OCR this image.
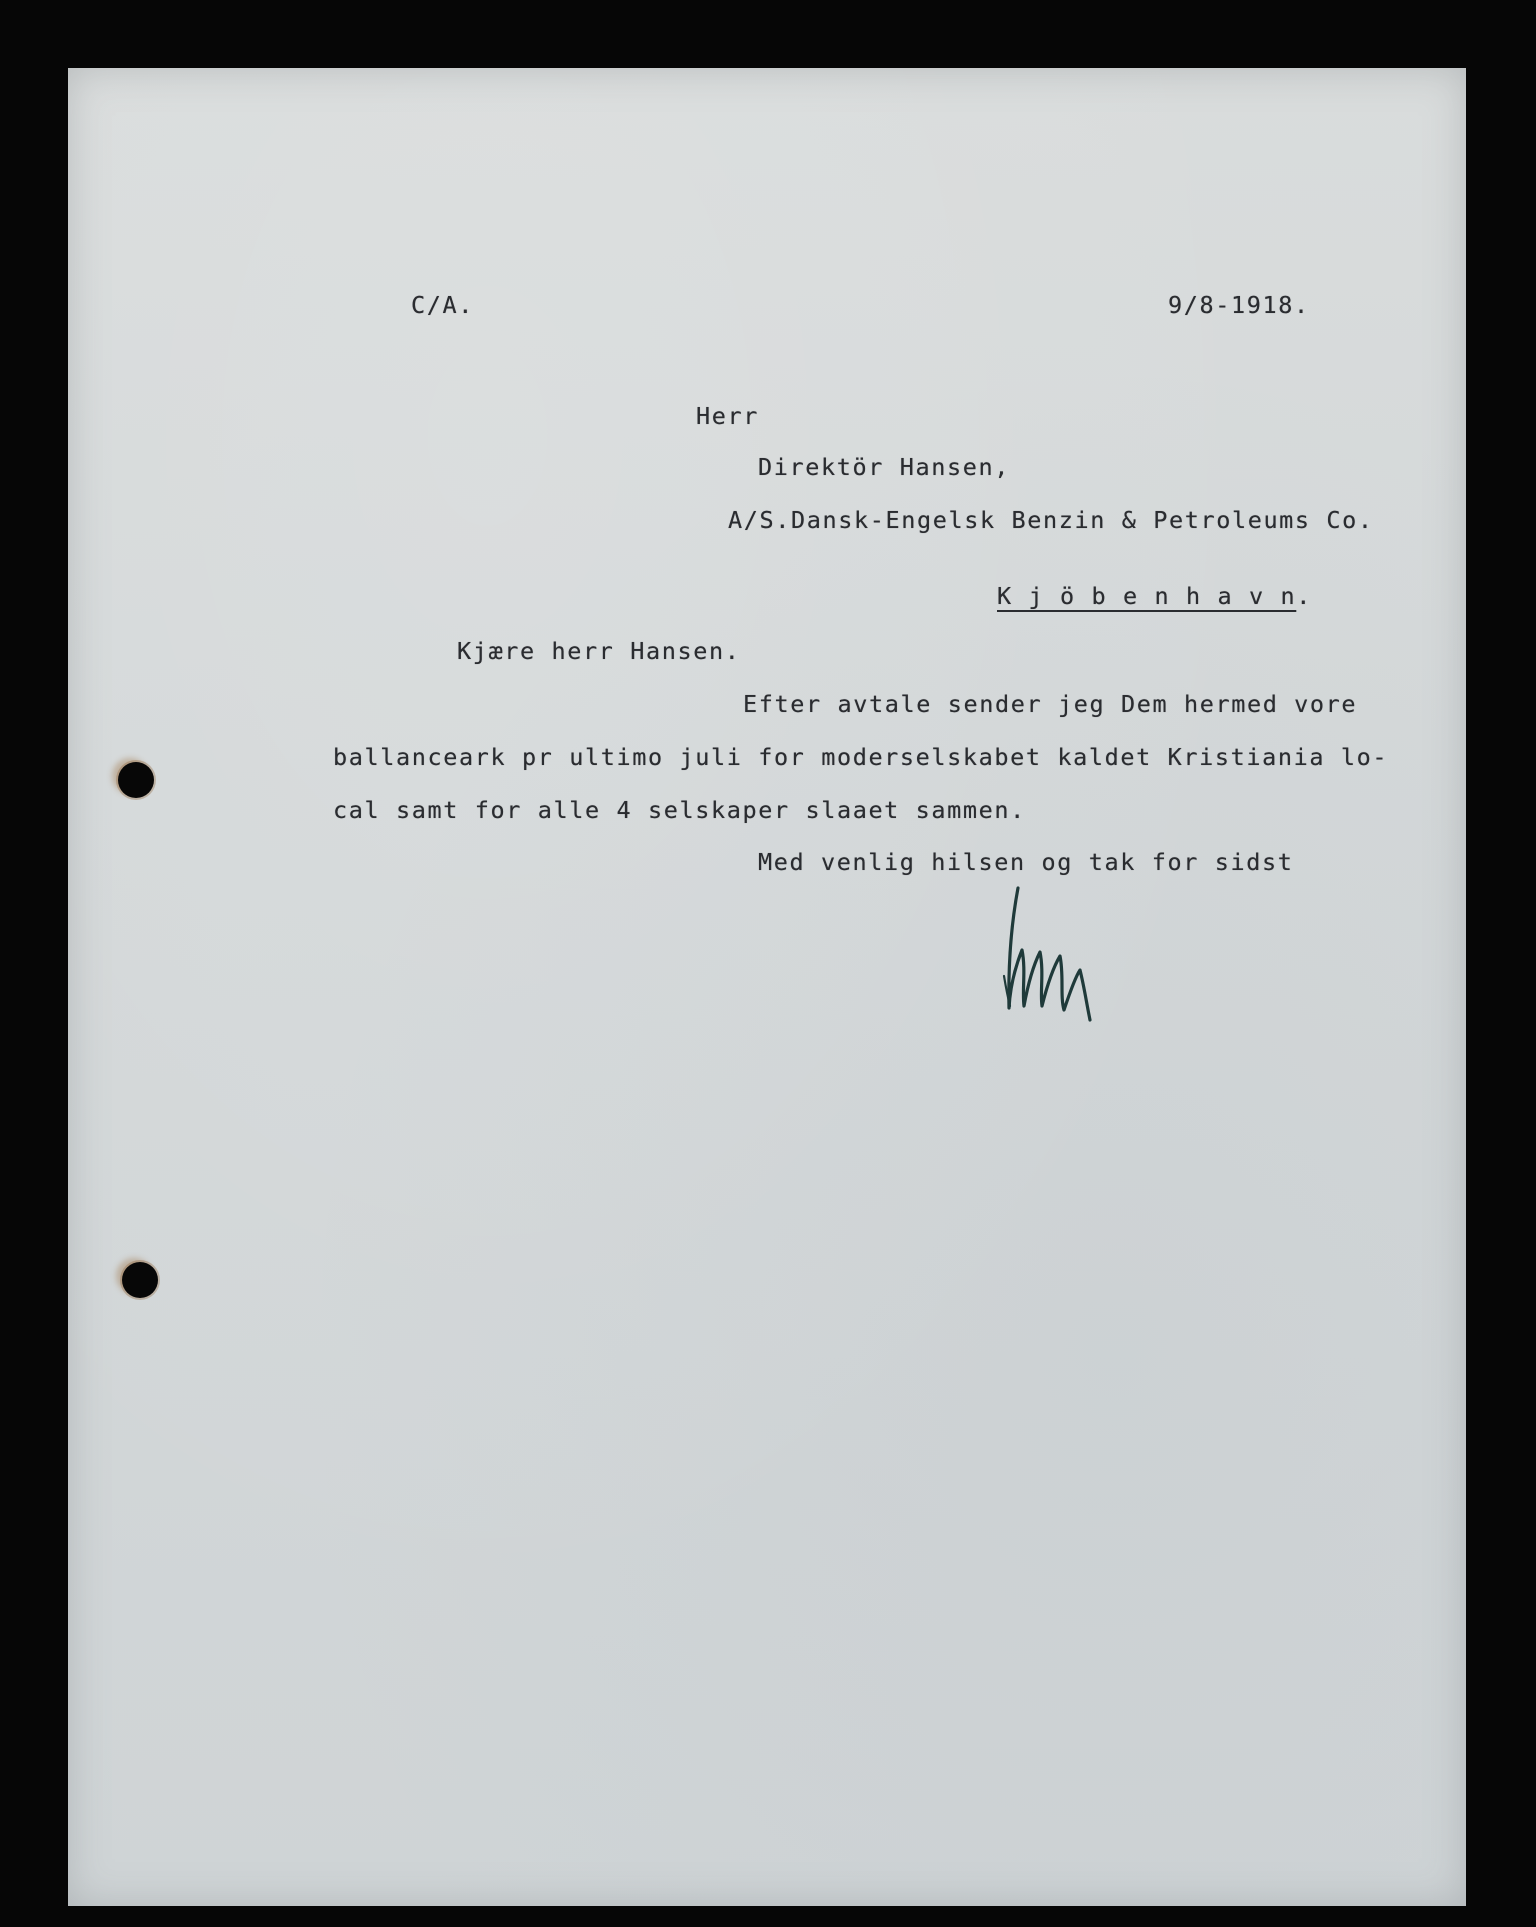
C/A.	9/8-1918.
Herr
Direktör Hansen,
A/S.Dansk-Engelsk Benzin & Petroleums Co.
K j ö b e n h a v n.
Kjære herr Hansen.
Efter avtale sender jeg Dem hermed vore
ballanceark pr ultimo juli for moderselskabet kaldet Kristiania lo-
cal samt for alle 4 selskaper slaaet sammen.
Med venlig hilsen og tak for sidst
